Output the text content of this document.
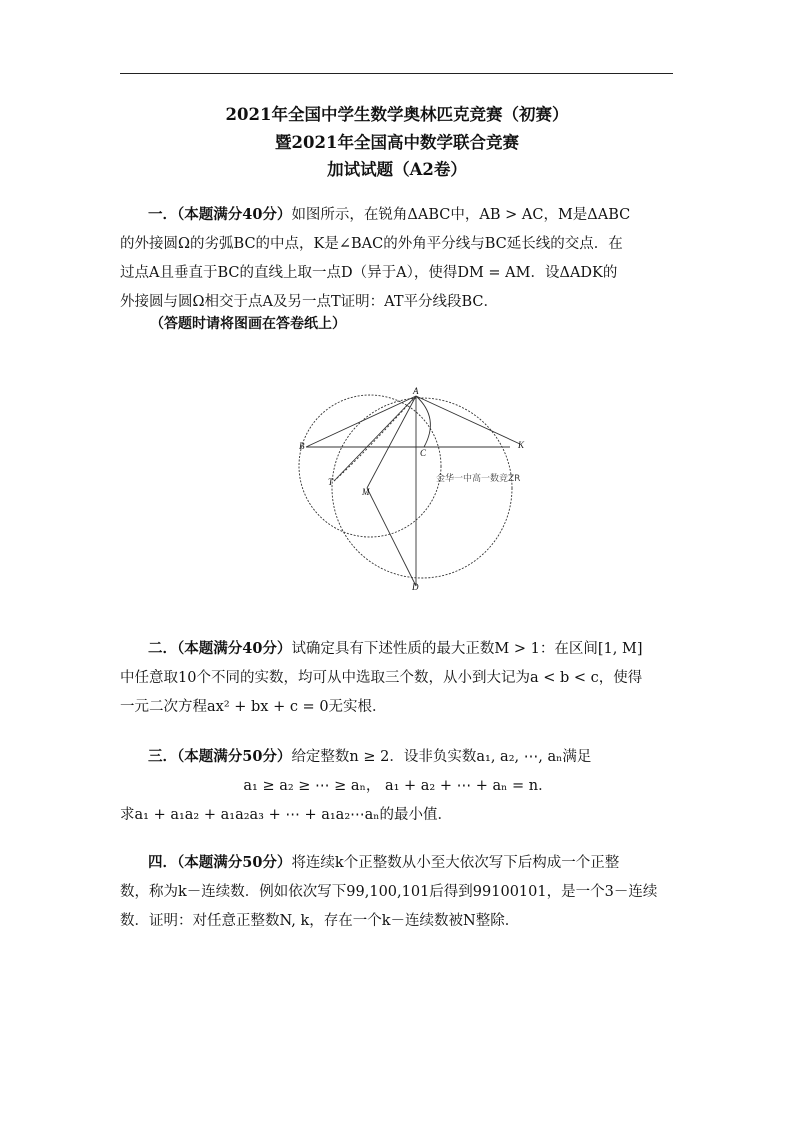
2021年全国中学生数学奥林匹克竞赛（初赛）
暨2021年全国高中数学联合竞赛
加试试题（A2卷）
一．（本题满分40分）如图所示，在锐角ΔABC中，AB > AC，M是ΔABC
的外接圆Ω的劣弧BC的中点，K是∠BAC的外角平分线与BC延长线的交点．在
过点A且垂直于BC的直线上取一点D（异于A），使得DM = AM．设ΔADK的
外接圆与圆Ω相交于点A及另一点T证明：AT平分线段BC．
（答题时请将图画在答卷纸上）
A
B
C
K
T
M
D
金华一中高一数竞ZR
二．（本题满分40分）试确定具有下述性质的最大正数M > 1：在区间[1, M]
中任意取10个不同的实数，均可从中选取三个数，从小到大记为a < b < c，使得
一元二次方程ax² + bx + c = 0无实根．
三．（本题满分50分）给定整数n ≥ 2．设非负实数a₁, a₂, ⋯, aₙ满足
a₁ ≥ a₂ ≥ ⋯ ≥ aₙ， a₁ + a₂ + ⋯ + aₙ = n．
求a₁ + a₁a₂ + a₁a₂a₃ + ⋯ + a₁a₂⋯aₙ的最小值．
四．（本题满分50分）将连续k个正整数从小至大依次写下后构成一个正整
数，称为k－连续数．例如依次写下99,100,101后得到99100101，是一个3－连续
数．证明：对任意正整数N, k，存在一个k－连续数被N整除．
